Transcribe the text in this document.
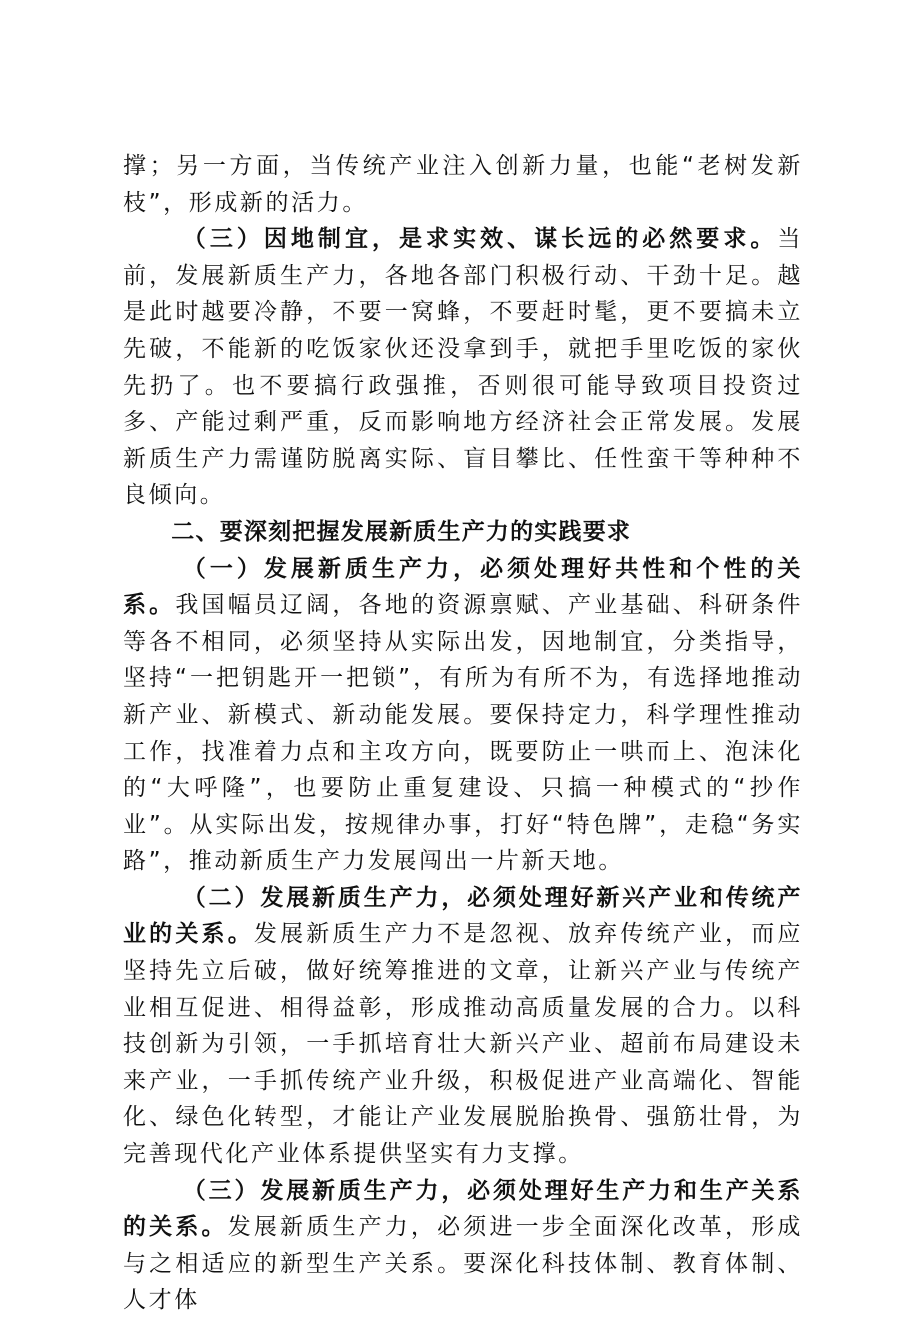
撑；另一方面，当传统产业注入创新力量，也能“老树发新枝”，形成新的活力。

（三）因地制宜，是求实效、谋长远的必然要求。当前，发展新质生产力，各地各部门积极行动、干劲十足。越是此时越要冷静，不要一窝蜂，不要赶时髦，更不要搞未立先破，不能新的吃饭家伙还没拿到手，就把手里吃饭的家伙先扔了。也不要搞行政强推，否则很可能导致项目投资过多、产能过剩严重，反而影响地方经济社会正常发展。发展新质生产力需谨防脱离实际、盲目攀比、任性蛮干等种种不良倾向。

二、要深刻把握发展新质生产力的实践要求

（一）发展新质生产力，必须处理好共性和个性的关系。我国幅员辽阔，各地的资源禀赋、产业基础、科研条件等各不相同，必须坚持从实际出发，因地制宜，分类指导，坚持“一把钥匙开一把锁”，有所为有所不为，有选择地推动新产业、新模式、新动能发展。要保持定力，科学理性推动工作，找准着力点和主攻方向，既要防止一哄而上、泡沫化的“大呼隆”，也要防止重复建设、只搞一种模式的“抄作业”。从实际出发，按规律办事，打好“特色牌”，走稳“务实路”，推动新质生产力发展闯出一片新天地。

（二）发展新质生产力，必须处理好新兴产业和传统产业的关系。发展新质生产力不是忽视、放弃传统产业，而应坚持先立后破，做好统筹推进的文章，让新兴产业与传统产业相互促进、相得益彰，形成推动高质量发展的合力。以科技创新为引领，一手抓培育壮大新兴产业、超前布局建设未来产业，一手抓传统产业升级，积极促进产业高端化、智能化、绿色化转型，才能让产业发展脱胎换骨、强筋壮骨，为完善现代化产业体系提供坚实有力支撑。

（三）发展新质生产力，必须处理好生产力和生产关系的关系。发展新质生产力，必须进一步全面深化改革，形成与之相适应的新型生产关系。要深化科技体制、教育体制、人才体
